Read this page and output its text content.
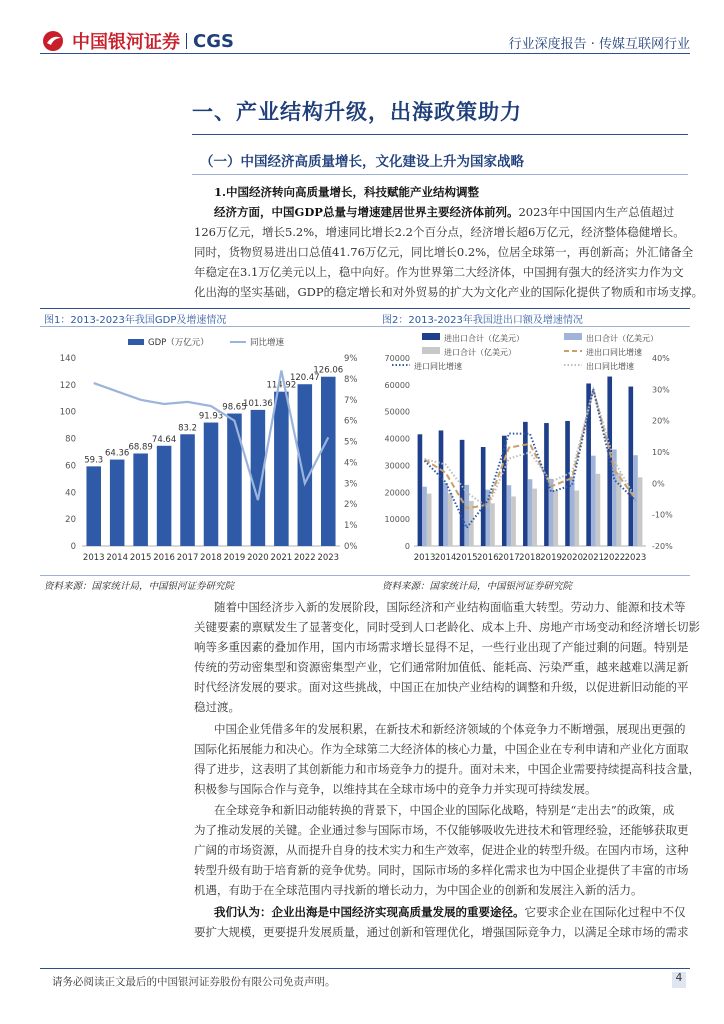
中国银河证券 CGS	行业深度报告 · 传媒互联网行业
一、产业结构升级，出海政策助力
（一）中国经济高质量增长，文化建设上升为国家战略
1.中国经济转向高质量增长，科技赋能产业结构调整
经济方面，中国GDP总量与增速建居世界主要经济体前列。2023年中国国内生产总值超过
126万亿元，增长5.2%，增速同比增长2.2个百分点，经济增长超6万亿元，经济整体稳健增长。
同时，货物贸易进出口总值41.76万亿元，同比增长0.2%，位居全球第一，再创新高；外汇储备全
年稳定在3.1万亿美元以上，稳中向好。作为世界第二大经济体，中国拥有强大的经济实力作为文
化出海的坚实基础，GDP的稳定增长和对外贸易的扩大为文化产业的国际化提供了物质和市场支撑。
图1：2013-2023年我国GDP及增速情况	图2：2013-2023年我国进出口额及增速情况
GDP（万亿元）	同比增速
0
20
40
60
80
100
120
140
0%
1%
2%
3%
4%
5%
6%
7%
8%
9%
59.3
2013
64.36
2014
68.89
2015
74.64
2016
83.2
2017
91.93
2018
98.65
2019
101.36
2020
114.92
2021
120.47
2022
126.06
2023
进出口合计（亿美元）	出口合计（亿美元）
进口合计（亿美元）	进出口同比增速
进口同比增速	出口同比增速
0
10000
20000
30000
40000
50000
60000
70000
-20%
-10%
0%
10%
20%
30%
40%
2013 2014 2015 2016 2017 2018 2019 2020 2021 2022 2023
资料来源：国家统计局，中国银河证券研究院	资料来源：国家统计局，中国银河证券研究院
随着中国经济步入新的发展阶段，国际经济和产业结构面临重大转型。劳动力、能源和技术等
关键要素的禀赋发生了显著变化，同时受到人口老龄化、成本上升、房地产市场变动和经济增长切影
响等多重因素的叠加作用，国内市场需求增长显得不足，一些行业出现了产能过剩的问题。特别是
传统的劳动密集型和资源密集型产业，它们通常附加值低、能耗高、污染严重，越来越难以满足新
时代经济发展的要求。面对这些挑战，中国正在加快产业结构的调整和升级，以促进新旧动能的平
稳过渡。
中国企业凭借多年的发展积累，在新技术和新经济领域的个体竞争力不断增强，展现出更强的
国际化拓展能力和决心。作为全球第二大经济体的核心力量，中国企业在专利申请和产业化方面取
得了进步，这表明了其创新能力和市场竞争力的提升。面对未来，中国企业需要持续提高科技含量，
积极参与国际合作与竞争，以维持其在全球市场中的竞争力并实现可持续发展。
在全球竞争和新旧动能转换的背景下，中国企业的国际化战略，特别是“走出去”的政策，成
为了推动发展的关键。企业通过参与国际市场，不仅能够吸收先进技术和管理经验，还能够获取更
广阔的市场资源，从而提升自身的技术实力和生产效率，促进企业的转型升级。在国内市场，这种
转型升级有助于培育新的竞争优势。同时，国际市场的多样化需求也为中国企业提供了丰富的市场
机遇，有助于在全球范围内寻找新的增长动力，为中国企业的创新和发展注入新的活力。
我们认为：企业出海是中国经济实现高质量发展的重要途径。它要求企业在国际化过程中不仅
要扩大规模，更要提升发展质量，通过创新和管理优化，增强国际竞争力，以满足全球市场的需求
请务必阅读正文最后的中国银河证券股份有限公司免责声明。	4
